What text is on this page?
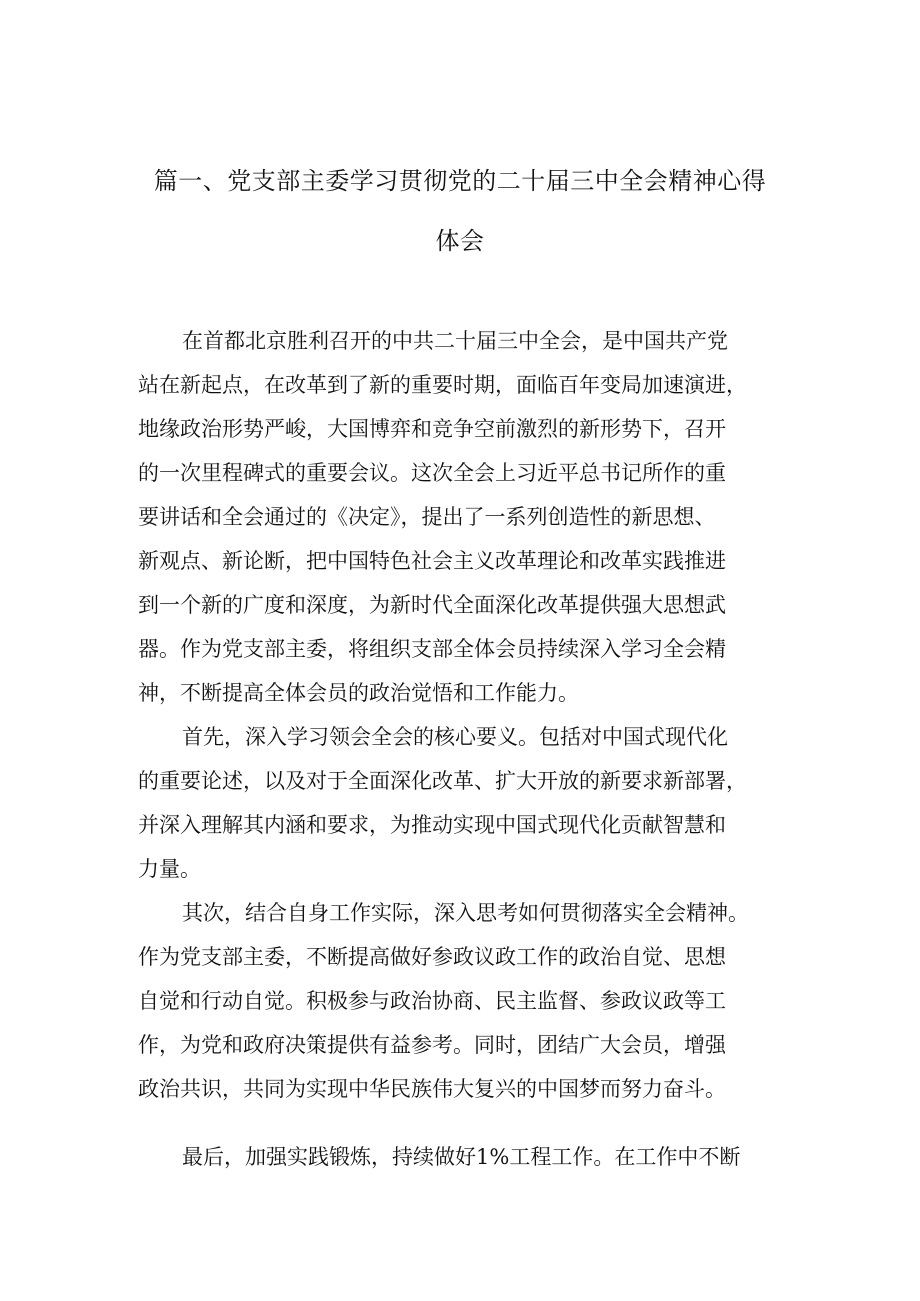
篇一、党支部主委学习贯彻党的二十届三中全会精神心得
体会
在首都北京胜利召开的中共二十届三中全会，是中国共产党
站在新起点，在改革到了新的重要时期，面临百年变局加速演进，
地缘政治形势严峻，大国博弈和竞争空前激烈的新形势下，召开
的一次里程碑式的重要会议。这次全会上习近平总书记所作的重
要讲话和全会通过的《决定》，提出了一系列创造性的新思想、
新观点、新论断，把中国特色社会主义改革理论和改革实践推进
到一个新的广度和深度，为新时代全面深化改革提供强大思想武
器。作为党支部主委，将组织支部全体会员持续深入学习全会精
神，不断提高全体会员的政治觉悟和工作能力。
首先，深入学习领会全会的核心要义。包括对中国式现代化
的重要论述，以及对于全面深化改革、扩大开放的新要求新部署，
并深入理解其内涵和要求，为推动实现中国式现代化贡献智慧和
力量。
其次，结合自身工作实际，深入思考如何贯彻落实全会精神。
作为党支部主委，不断提高做好参政议政工作的政治自觉、思想
自觉和行动自觉。积极参与政治协商、民主监督、参政议政等工
作，为党和政府决策提供有益参考。同时，团结广大会员，增强
政治共识，共同为实现中华民族伟大复兴的中国梦而努力奋斗。
最后，加强实践锻炼，持续做好1%工程工作。在工作中不断
